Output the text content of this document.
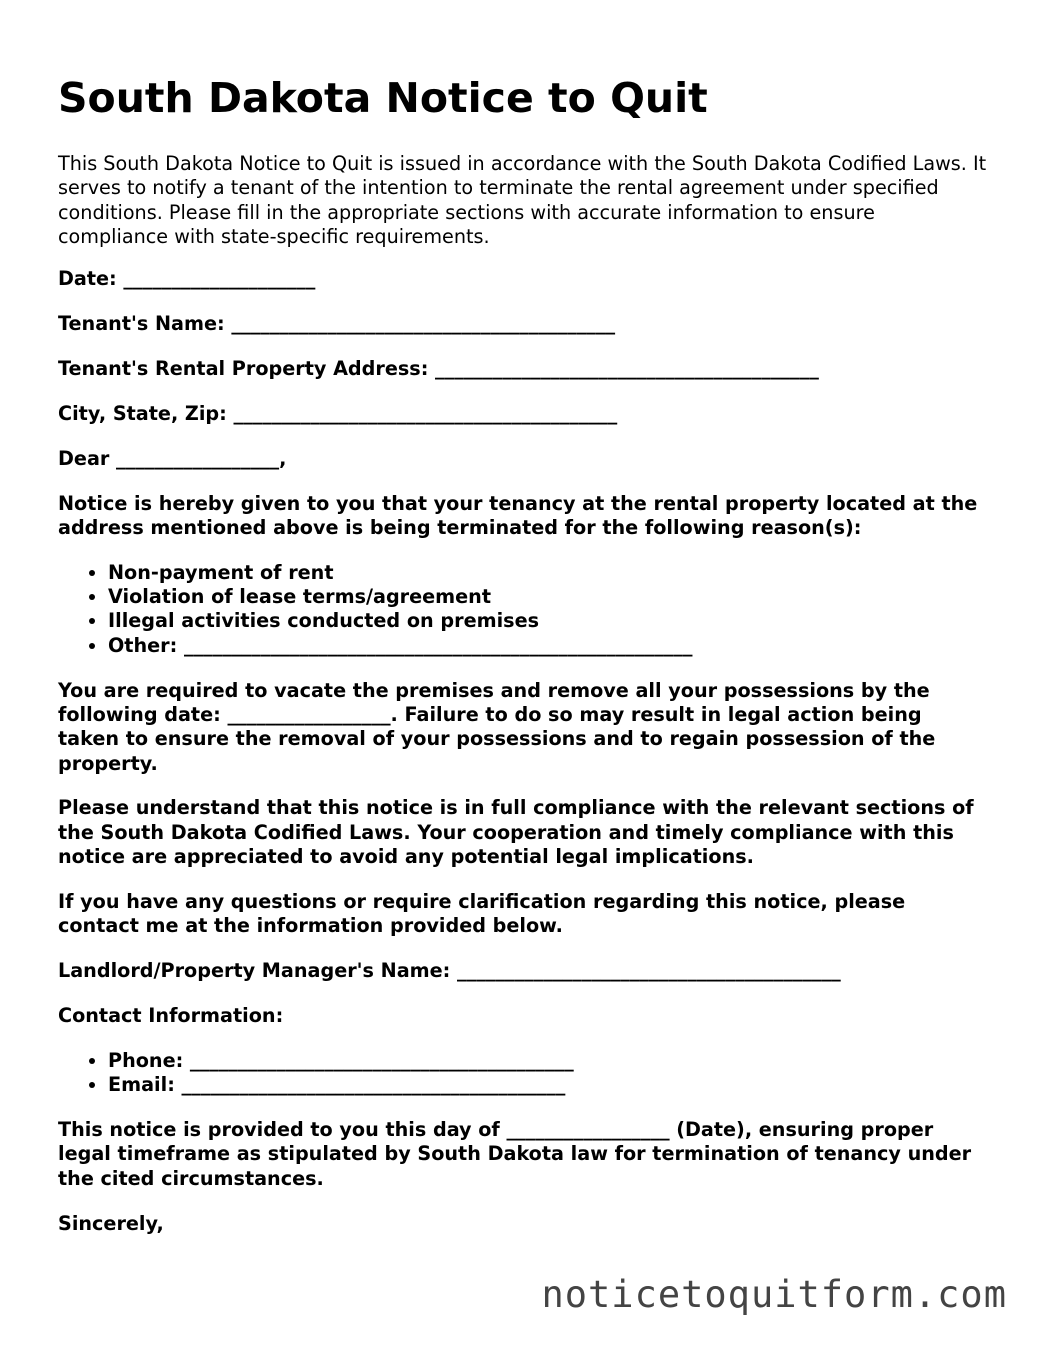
South Dakota Notice to Quit

This South Dakota Notice to Quit is issued in accordance with the South Dakota Codified Laws. It serves to notify a tenant of the intention to terminate the rental agreement under specified conditions. Please fill in the appropriate sections with accurate information to ensure compliance with state-specific requirements.

Date: ____________________

Tenant's Name: ________________________________________

Tenant's Rental Property Address: ________________________________________

City, State, Zip: ________________________________________

Dear _________________,

Notice is hereby given to you that your tenancy at the rental property located at the address mentioned above is being terminated for the following reason(s):

• Non-payment of rent
• Violation of lease terms/agreement
• Illegal activities conducted on premises
• Other: _____________________________________________________

You are required to vacate the premises and remove all your possessions by the following date: _________________. Failure to do so may result in legal action being taken to ensure the removal of your possessions and to regain possession of the property.

Please understand that this notice is in full compliance with the relevant sections of the South Dakota Codified Laws. Your cooperation and timely compliance with this notice are appreciated to avoid any potential legal implications.

If you have any questions or require clarification regarding this notice, please contact me at the information provided below.

Landlord/Property Manager's Name: ________________________________________

Contact Information:

• Phone: ________________________________________
• Email: ________________________________________

This notice is provided to you this day of _________________ (Date), ensuring proper legal timeframe as stipulated by South Dakota law for termination of tenancy under the cited circumstances.

Sincerely,

noticetoquitform.com
